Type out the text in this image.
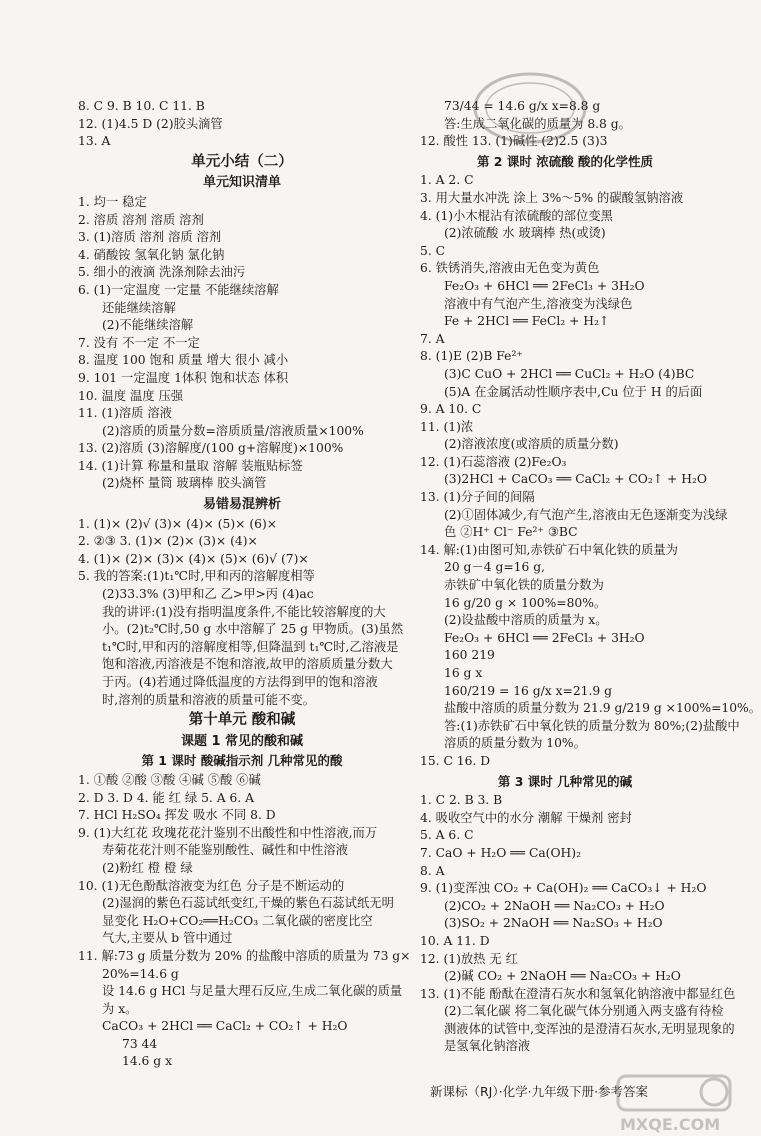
8. C 9. B 10. C 11. B
12. (1)4.5 D (2)胶头滴管
13. A
单元小结（二）
单元知识清单
1. 均一 稳定
2. 溶质 溶剂 溶质 溶剂
3. (1)溶质 溶剂 溶质 溶剂
4. 硝酸铵 氢氧化钠 氯化钠
5. 细小的液滴 洗涤剂除去油污
6. (1)一定温度 一定量 不能继续溶解
还能继续溶解
(2)不能继续溶解
7. 没有 不一定 不一定
8. 温度 100 饱和 质量 增大 很小 减小
9. 101 一定温度 1体积 饱和状态 体积
10. 温度 温度 压强
11. (1)溶质 溶液
(2)溶质的质量分数=溶质质量/溶液质量×100%
13. (2)溶质 (3)溶解度/(100 g+溶解度)×100%
14. (1)计算 称量和量取 溶解 装瓶贴标签
(2)烧杯 量筒 玻璃棒 胶头滴管
易错易混辨析
1. (1)× (2)√ (3)× (4)× (5)× (6)×
2. ②③ 3. (1)× (2)× (3)× (4)×
4. (1)× (2)× (3)× (4)× (5)× (6)√ (7)×
5. 我的答案:(1)t₁℃时,甲和丙的溶解度相等
(2)33.3% (3)甲和乙 乙>甲>丙 (4)ac
我的讲评:(1)没有指明温度条件,不能比较溶解度的大
小。(2)t₂℃时,50 g 水中溶解了 25 g 甲物质。(3)虽然
t₁℃时,甲和丙的溶解度相等,但降温到 t₁℃时,乙溶液是
饱和溶液,丙溶液是不饱和溶液,故甲的溶质质量分数大
于丙。(4)若通过降低温度的方法得到甲的饱和溶液
时,溶剂的质量和溶液的质量可能不变。
第十单元 酸和碱
课题 1 常见的酸和碱
第 1 课时 酸碱指示剂 几种常见的酸
1. ①酸 ②酸 ③酸 ④碱 ⑤酸 ⑥碱
2. D 3. D 4. 能 红 绿 5. A 6. A
7. HCl H₂SO₄ 挥发 吸水 不同 8. D
9. (1)大红花 玫瑰花花汁鉴别不出酸性和中性溶液,而万
寿菊花花汁则不能鉴别酸性、碱性和中性溶液
(2)粉红 橙 橙 绿
10. (1)无色酚酞溶液变为红色 分子是不断运动的
(2)湿润的紫色石蕊试纸变红,干燥的紫色石蕊试纸无明
显变化 H₂O+CO₂══H₂CO₃ 二氧化碳的密度比空
气大,主要从 b 管中通过
11. 解:73 g 质量分数为 20% 的盐酸中溶质的质量为 73 g×
20%=14.6 g
设 14.6 g HCl 与足量大理石反应,生成二氧化碳的质量
为 x。
CaCO₃ + 2HCl ══ CaCl₂ + CO₂↑ + H₂O
73 44
14.6 g x
73/44 = 14.6 g/x x=8.8 g
答:生成二氧化碳的质量为 8.8 g。
12. 酸性 13. (1)碱性 (2)2.5 (3)3
第 2 课时 浓硫酸 酸的化学性质
1. A 2. C
3. 用大量水冲洗 涂上 3%～5% 的碳酸氢钠溶液
4. (1)小木棍沾有浓硫酸的部位变黑
(2)浓硫酸 水 玻璃棒 热(或烫)
5. C
6. 铁锈消失,溶液由无色变为黄色
Fe₂O₃ + 6HCl ══ 2FeCl₃ + 3H₂O
溶液中有气泡产生,溶液变为浅绿色
Fe + 2HCl ══ FeCl₂ + H₂↑
7. A
8. (1)E (2)B Fe²⁺
(3)C CuO + 2HCl ══ CuCl₂ + H₂O (4)BC
(5)A 在金属活动性顺序表中,Cu 位于 H 的后面
9. A 10. C
11. (1)浓
(2)溶液浓度(或溶质的质量分数)
12. (1)石蕊溶液 (2)Fe₂O₃
(3)2HCl + CaCO₃ ══ CaCl₂ + CO₂↑ + H₂O
13. (1)分子间的间隔
(2)①固体减少,有气泡产生,溶液由无色逐渐变为浅绿
色 ②H⁺ Cl⁻ Fe²⁺ ③BC
14. 解:(1)由图可知,赤铁矿石中氧化铁的质量为
20 g－4 g=16 g,
赤铁矿中氧化铁的质量分数为
16 g/20 g × 100%=80%。
(2)设盐酸中溶质的质量为 x。
Fe₂O₃ + 6HCl ══ 2FeCl₃ + 3H₂O
160 219
16 g x
160/219 = 16 g/x x=21.9 g
盐酸中溶质的质量分数为 21.9 g/219 g ×100%=10%。
答:(1)赤铁矿石中氧化铁的质量分数为 80%;(2)盐酸中
溶质的质量分数为 10%。
15. C 16. D
第 3 课时 几种常见的碱
1. C 2. B 3. B
4. 吸收空气中的水分 潮解 干燥剂 密封
5. A 6. C
7. CaO + H₂O ══ Ca(OH)₂
8. A
9. (1)变浑浊 CO₂ + Ca(OH)₂ ══ CaCO₃↓ + H₂O
(2)CO₂ + 2NaOH ══ Na₂CO₃ + H₂O
(3)SO₂ + 2NaOH ══ Na₂SO₃ + H₂O
10. A 11. D
12. (1)放热 无 红
(2)碱 CO₂ + 2NaOH ══ Na₂CO₃ + H₂O
13. (1)不能 酚酞在澄清石灰水和氢氧化钠溶液中都显红色
(2)二氧化碳 将二氧化碳气体分别通入两支盛有待检
测液体的试管中,变浑浊的是澄清石灰水,无明显现象的
是氢氧化钠溶液
新课标（RJ）·化学·九年级下册·参考答案
MXQE.COM
